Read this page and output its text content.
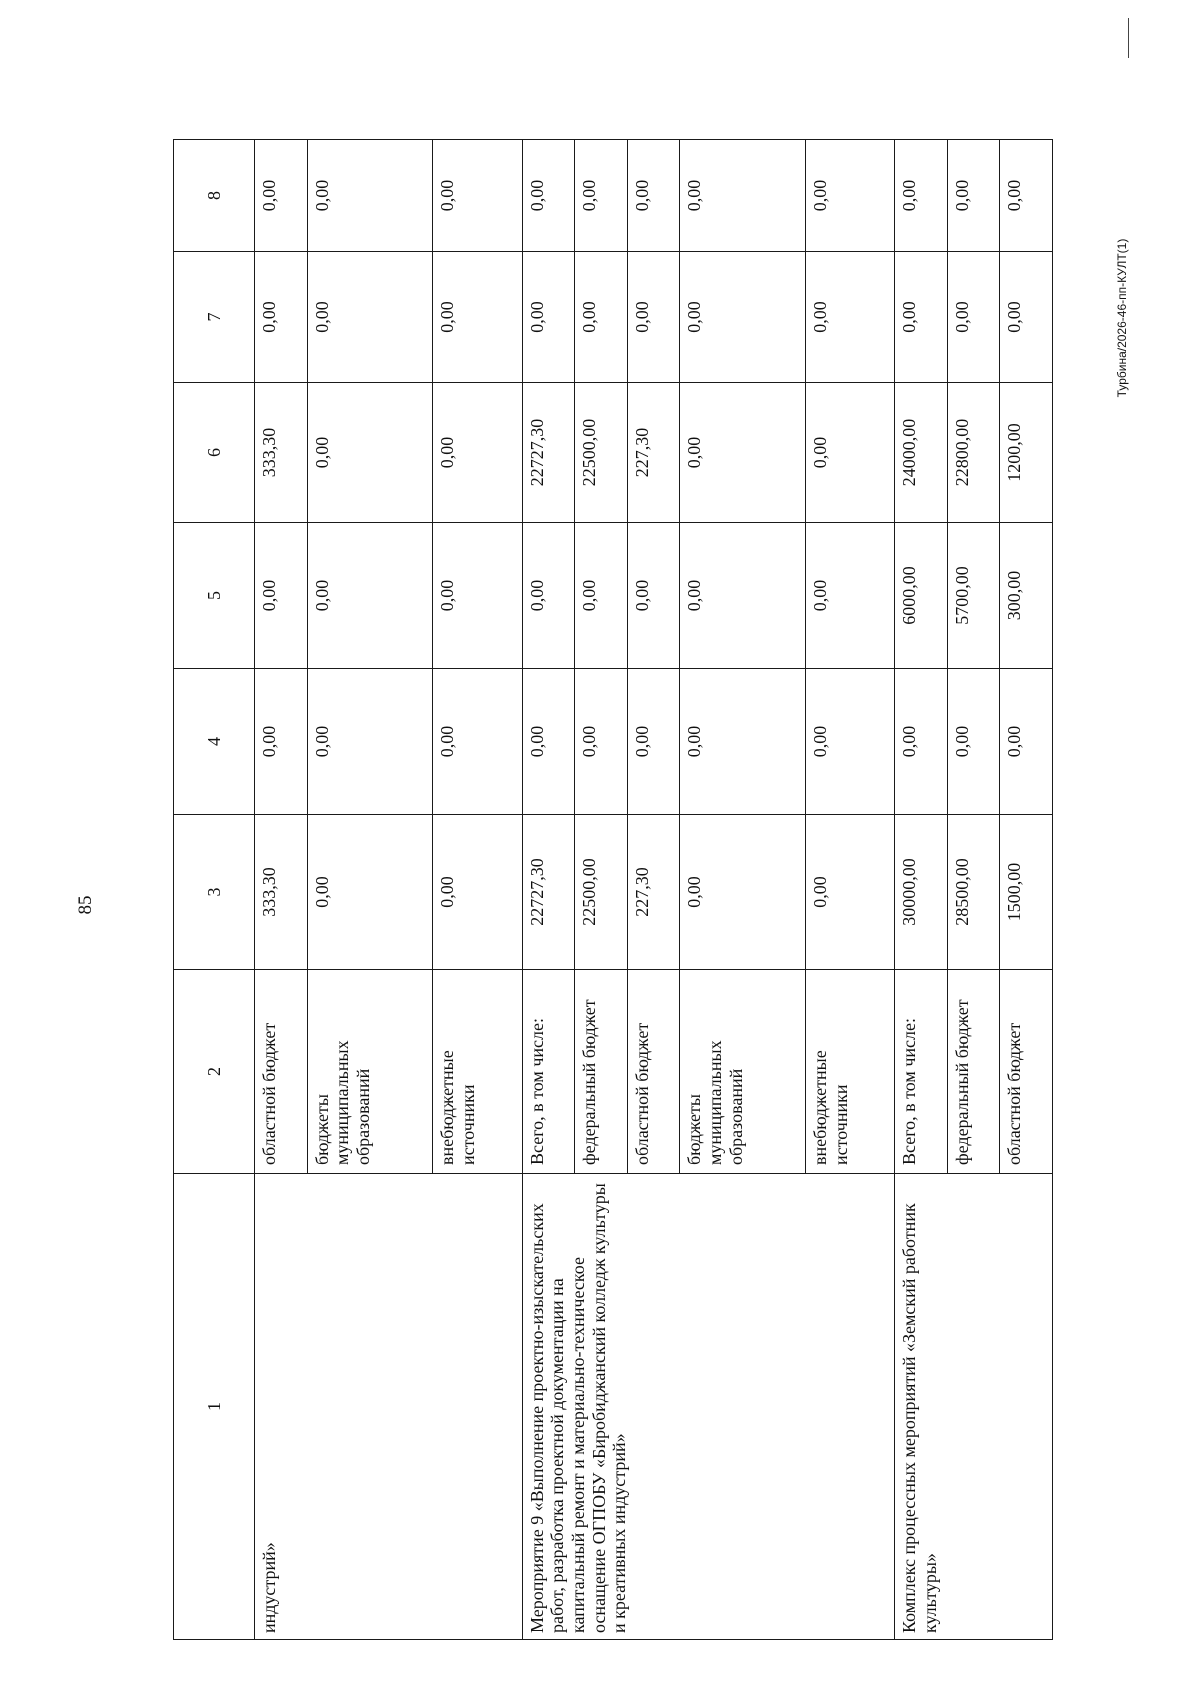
85
Турбина/2026-46-пп-КУЛТ(1)
1	2	3	4	5	6	7	8
индустрий»	областной бюджет	333,30	0,00	0,00	333,30	0,00	0,00
	бюджеты муниципальных образований	0,00	0,00	0,00	0,00	0,00	0,00
	внебюджетные источники	0,00	0,00	0,00	0,00	0,00	0,00
Мероприятие 9 «Выполнение проектно-изыскательских работ, разработка проектной документации на капитальный ремонт и материально-техническое оснащение ОГПОБУ «Биробиджанский колледж культуры и креативных индустрий»	Всего, в том числе:	22727,30	0,00	0,00	22727,30	0,00	0,00
	федеральный бюджет	22500,00	0,00	0,00	22500,00	0,00	0,00
	областной бюджет	227,30	0,00	0,00	227,30	0,00	0,00
	бюджеты муниципальных образований	0,00	0,00	0,00	0,00	0,00	0,00
	внебюджетные источники	0,00	0,00	0,00	0,00	0,00	0,00
Комплекс процессных мероприятий «Земский работник культуры»	Всего, в том числе:	30000,00	0,00	6000,00	24000,00	0,00	0,00
	федеральный бюджет	28500,00	0,00	5700,00	22800,00	0,00	0,00
	областной бюджет	1500,00	0,00	300,00	1200,00	0,00	0,00
